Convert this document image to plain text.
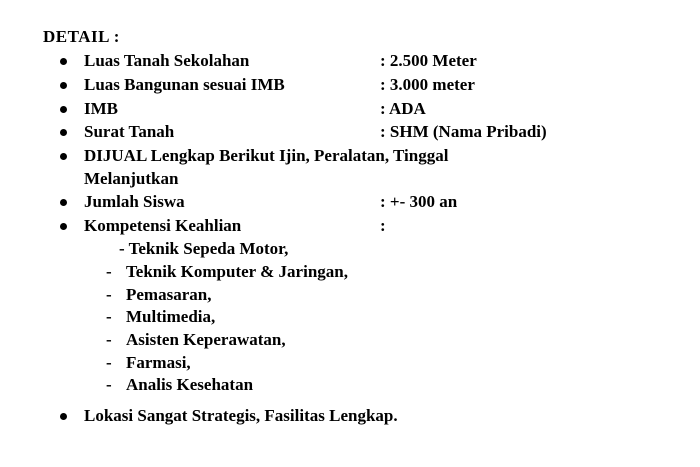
DETAIL :
Luas Tanah Sekolahan	: 2.500 Meter
Luas Bangunan sesuai IMB	: 3.000 meter
IMB	: ADA
Surat Tanah	: SHM (Nama Pribadi)
DIJUAL Lengkap Berikut Ijin, Peralatan, Tinggal
Melanjutkan
Jumlah Siswa	: +- 300 an
Kompetensi Keahlian	:
- Teknik Sepeda Motor,
- Teknik Komputer & Jaringan,
- Pemasaran,
- Multimedia,
- Asisten Keperawatan,
- Farmasi,
- Analis Kesehatan
Lokasi Sangat Strategis, Fasilitas Lengkap.
